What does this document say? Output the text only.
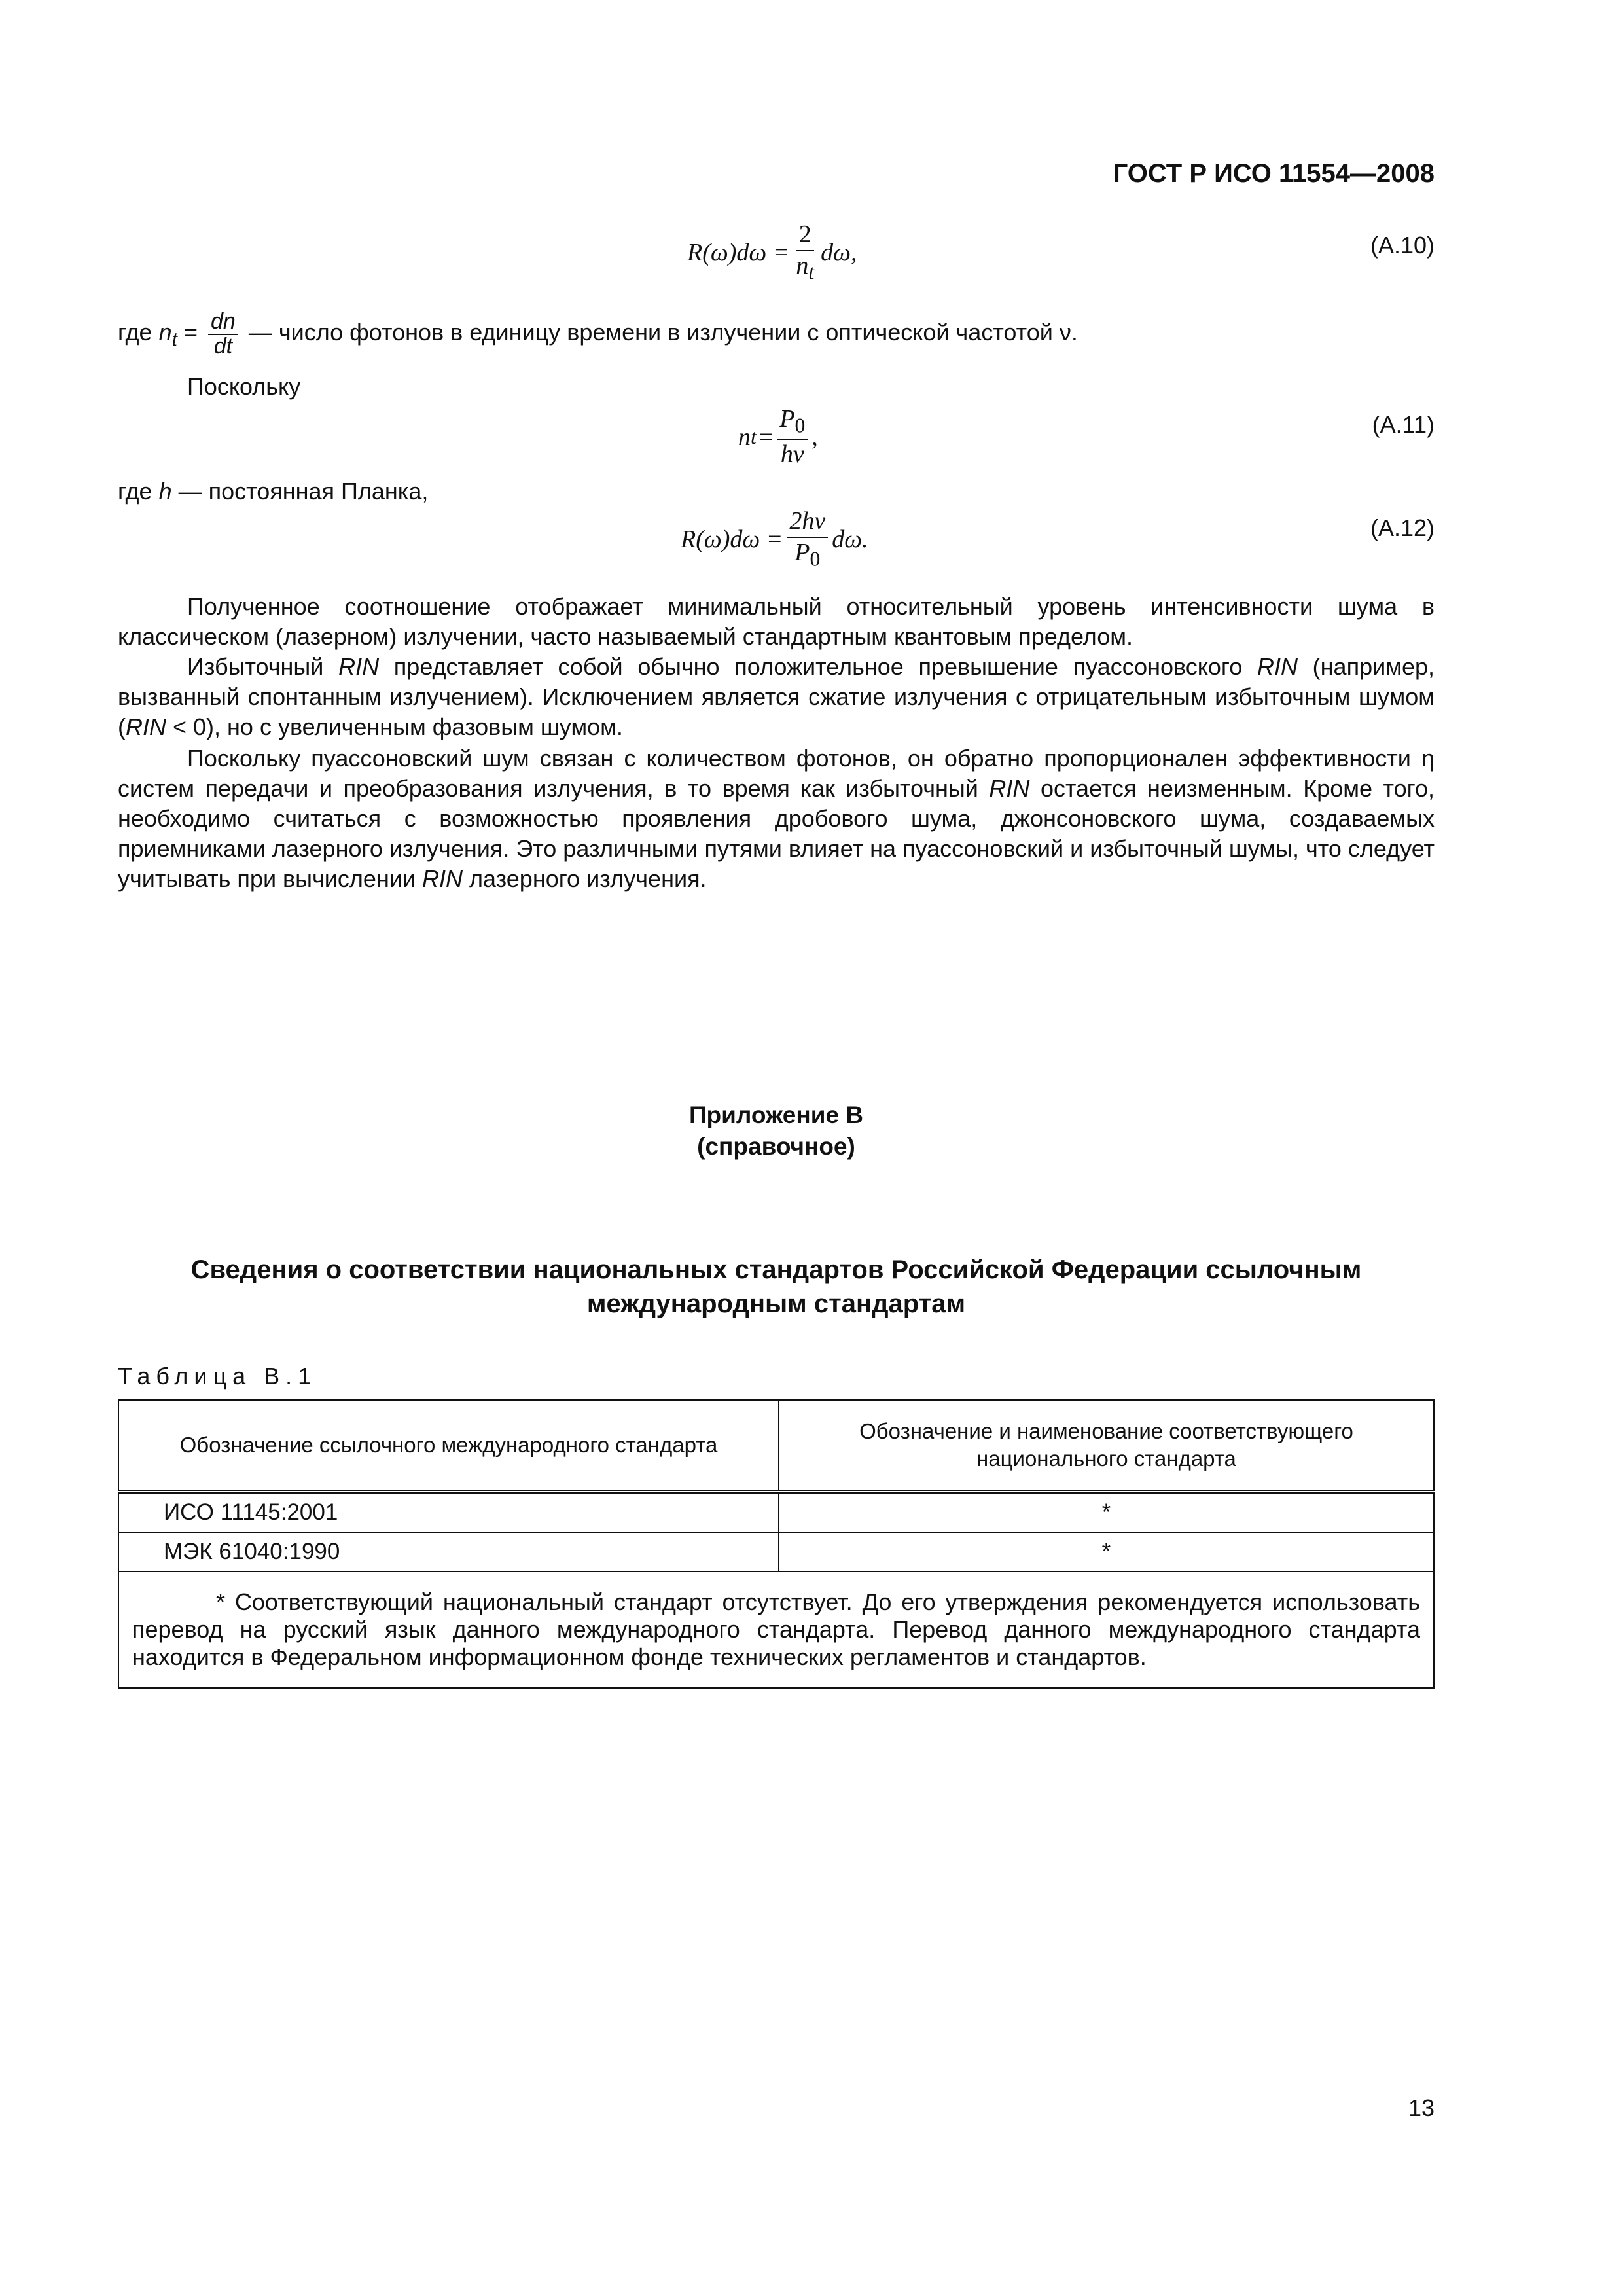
ГОСТ Р ИСО 11554—2008
$R(\omega)d\omega = \frac{2}{n_t} d\omega$,	(A.10)
где $n_t = \frac{dn}{dt}$ — число фотонов в единицу времени в излучении с оптической частотой ν.
Поскольку
n $t = \frac{P_0}{h\nu}$ ,	(A.11)
где h — постоянная Планка,
$R(\omega)d\omega = \frac{2h\nu}{P_0} d\omega$.	(A.12)

Полученное соотношение отображает минимальный относительный уровень интенсивности шума в классическом (лазерном) излучении, часто называемый стандартным квантовым пределом.

Избыточный RIN представляет собой обычно положительное превышение пуассоновского RIN (например, вызванный спонтанным излучением). Исключением является сжатие излучения с отрицательным избыточным шумом (RIN < 0), но с увеличенным фазовым шумом.

Поскольку пуассоновский шум связан с количеством фотонов, он обратно пропорционален эффективности η систем передачи и преобразования излучения, в то время как избыточный RIN остается неизменным. Кроме того, необходимо считаться с возможностью проявления дробового шума, джонсоновского шума, создаваемых приемниками лазерного излучения. Это различными путями влияет на пуассоновский и избыточный шумы, что следует учитывать при вычислении RIN лазерного излучения.

Приложение В
(справочное)
Сведения о соответствии национальных стандартов Российской Федерации ссылочным
международным стандартам
Таблица В.1
Обозначение ссылочного международного стандарта	Обозначение и наименование соответствующего национального стандарта
ИСО 11145:2001	*
МЭК 61040:1990	*
* Соответствующий национальный стандарт отсутствует. До его утверждения рекомендуется использовать перевод на русский язык данного международного стандарта. Перевод данного международного стандарта находится в Федеральном информационном фонде технических регламентов и стандартов.	
13
